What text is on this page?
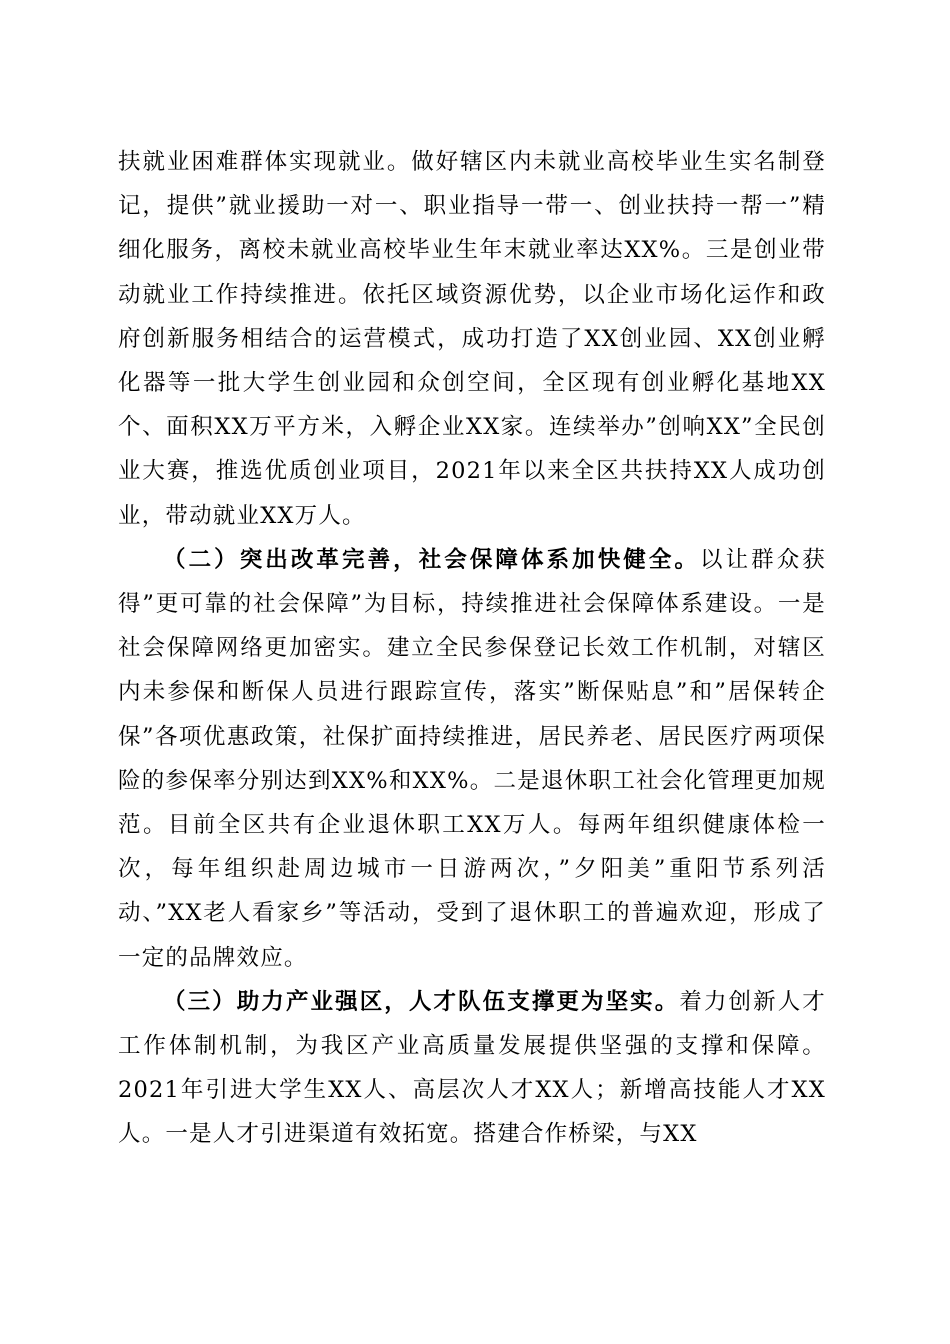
扶就业困难群体实现就业。做好辖区内未就业高校毕业生实名制登记，提供”就业援助一对一、职业指导一带一、创业扶持一帮一”精细化服务，离校未就业高校毕业生年末就业率达XX%。三是创业带动就业工作持续推进。依托区域资源优势，以企业市场化运作和政府创新服务相结合的运营模式，成功打造了XX创业园、XX创业孵化器等一批大学生创业园和众创空间，全区现有创业孵化基地XX个、面积XX万平方米，入孵企业XX家。连续举办”创响XX”全民创业大赛，推选优质创业项目，2021年以来全区共扶持XX人成功创业，带动就业XX万人。

（二）突出改革完善，社会保障体系加快健全。以让群众获得”更可靠的社会保障”为目标，持续推进社会保障体系建设。一是社会保障网络更加密实。建立全民参保登记长效工作机制，对辖区内未参保和断保人员进行跟踪宣传，落实”断保贴息”和”居保转企保”各项优惠政策，社保扩面持续推进，居民养老、居民医疗两项保险的参保率分别达到XX%和XX%。二是退休职工社会化管理更加规范。目前全区共有企业退休职工XX万人。每两年组织健康体检一次，每年组织赴周边城市一日游两次，”夕阳美”重阳节系列活动、”XX老人看家乡”等活动，受到了退休职工的普遍欢迎，形成了一定的品牌效应。

（三）助力产业强区，人才队伍支撑更为坚实。着力创新人才工作体制机制，为我区产业高质量发展提供坚强的支撑和保障。2021年引进大学生XX人、高层次人才XX人；新增高技能人才XX人。一是人才引进渠道有效拓宽。搭建合作桥梁，与XX
